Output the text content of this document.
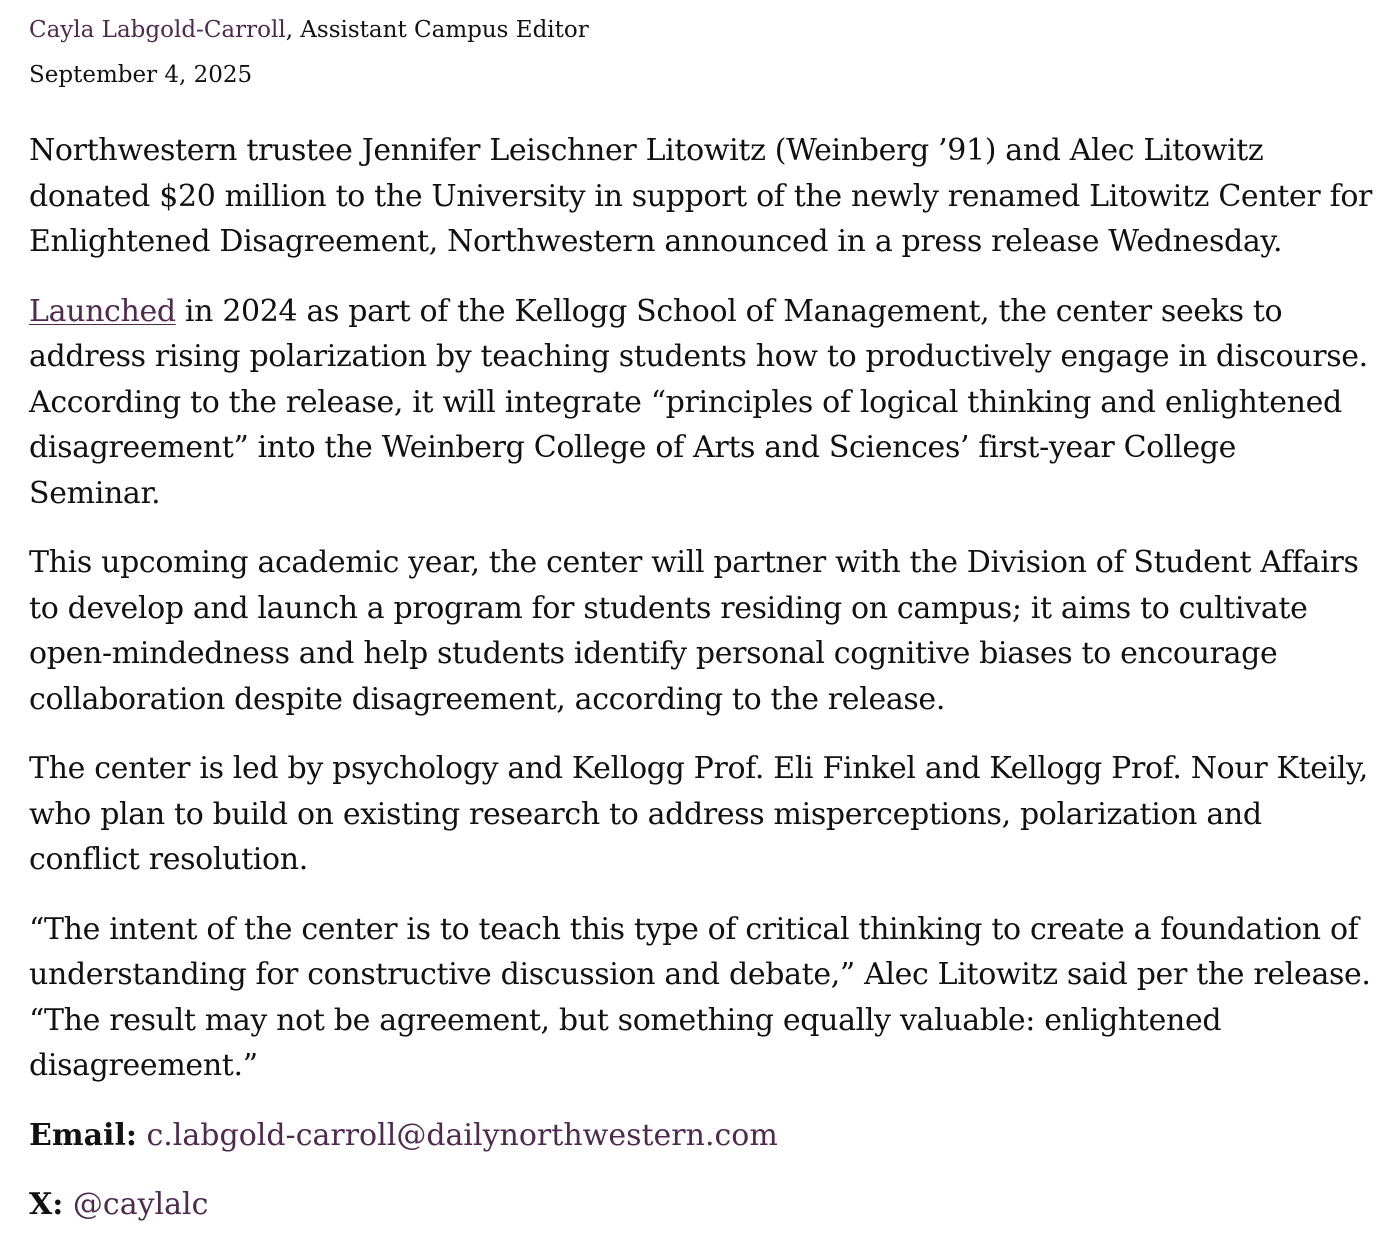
Cayla Labgold-Carroll, Assistant Campus Editor

September 4, 2025

Northwestern trustee Jennifer Leischner Litowitz (Weinberg ’91) and Alec Litowitz donated $20 million to the University in support of the newly renamed Litowitz Center for Enlightened Disagreement, Northwestern announced in a press release Wednesday.

Launched in 2024 as part of the Kellogg School of Management, the center seeks to address rising polarization by teaching students how to productively engage in discourse. According to the release, it will integrate “principles of logical thinking and enlightened disagreement” into the Weinberg College of Arts and Sciences’ first-year College Seminar.

This upcoming academic year, the center will partner with the Division of Student Affairs to develop and launch a program for students residing on campus; it aims to cultivate open-mindedness and help students identify personal cognitive biases to encourage collaboration despite disagreement, according to the release.

The center is led by psychology and Kellogg Prof. Eli Finkel and Kellogg Prof. Nour Kteily, who plan to build on existing research to address misperceptions, polarization and conflict resolution.

“The intent of the center is to teach this type of critical thinking to create a foundation of understanding for constructive discussion and debate,” Alec Litowitz said per the release. “The result may not be agreement, but something equally valuable: enlightened disagreement.”

Email: c.labgold-carroll@dailynorthwestern.com

X: @caylalc
